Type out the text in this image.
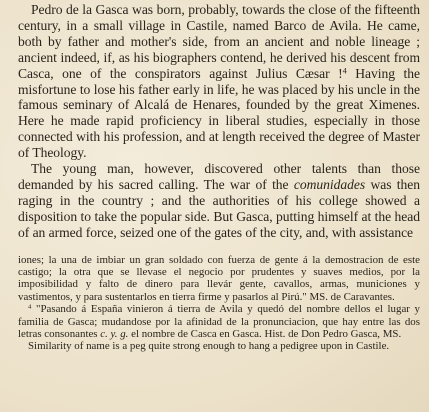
Pedro de la Gasca was born, probably, towards the close of the fifteenth century, in a small village in Castile, named Barco de Avila. He came, both by father and mother's side, from an ancient and noble lineage ; ancient indeed, if, as his biographers contend, he derived his descent from Casca, one of the conspirators against Julius Cæsar !$^4$ Having the misfortune to lose his father early in life, he was placed by his uncle in the famous seminary of Alcalá de Henares, founded by the great Ximenes. Here he made rapid proficiency in liberal studies, especially in those connected with his profession, and at length received the degree of Master of Theology.

The young man, however, discovered other talents than those demanded by his sacred calling. The war of the comunidades was then raging in the country ; and the authorities of his college showed a disposition to take the popular side. But Gasca, putting himself at the head of an armed force, seized one of the gates of the city, and, with assistance

iones; la una de imbiar un gran soldado con fuerza de gente á la demostracion de este castigo; la otra que se llevase el negocio por prudentes y suaves medios, por la imposibilidad y falto de dinero para llevár gente, cavallos, armas, municiones y vastimentos, y para sustentarlos en tierra firme y pasarlos al Pirú." MS. de Caravantes.

$^4$ "Pasando á España vinieron á tierra de Avila y quedó del nombre dellos el lugar y familia de Gasca; mudandose por la afinidad de la pronunciacion, que hay entre las dos letras consonantes c. y. g. el nombre de Casca en Gasca. Hist. de Don Pedro Gasca, MS.

Similarity of name is a peg quite strong enough to hang a pedigree upon in Castile.
